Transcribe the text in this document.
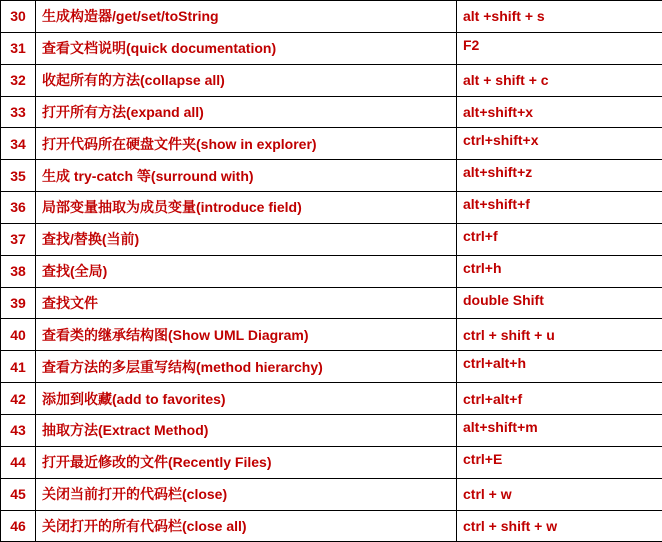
30	生成构造器/get/set/toString	alt +shift + s
31	查看文档说明(quick documentation)	F2
32	收起所有的方法(collapse all)	alt + shift + c
33	打开所有方法(expand all)	alt+shift+x
34	打开代码所在硬盘文件夹(show in explorer)	ctrl+shift+x
35	生成 try-catch 等(surround with)	alt+shift+z
36	局部变量抽取为成员变量(introduce field)	alt+shift+f
37	查找/替换(当前)	ctrl+f
38	查找(全局)	ctrl+h
39	查找文件	double Shift
40	查看类的继承结构图(Show UML Diagram)	ctrl + shift + u
41	查看方法的多层重写结构(method hierarchy)	ctrl+alt+h
42	添加到收藏(add to favorites)	ctrl+alt+f
43	抽取方法(Extract Method)	alt+shift+m
44	打开最近修改的文件(Recently Files)	ctrl+E
45	关闭当前打开的代码栏(close)	ctrl + w
46	关闭打开的所有代码栏(close all)	ctrl + shift + w
